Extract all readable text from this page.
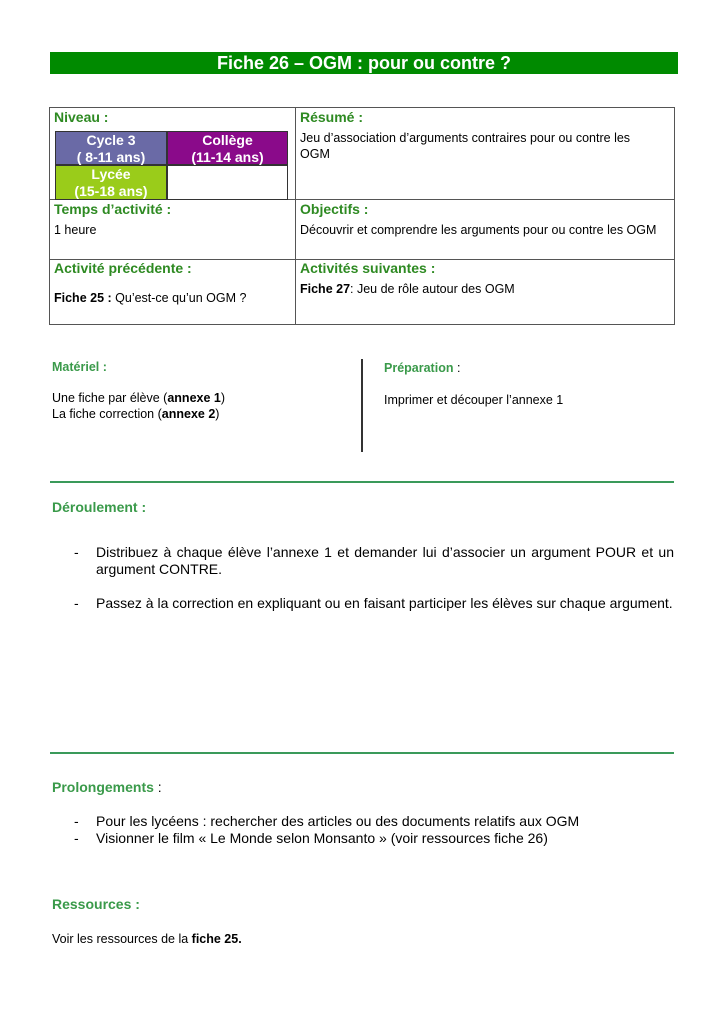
Fiche 26 – OGM : pour ou contre ?
Niveau :
Cycle 3
( 8-11 ans)
Collège
(11-14 ans)
Lycée
(15-18 ans)
Résumé :
Jeu d’association d’arguments contraires pour ou contre les OGM
Temps d’activité :
1 heure
Objectifs :
Découvrir et comprendre les arguments pour ou contre les OGM
Activité précédente :
Fiche 25 : Qu’est-ce qu’un OGM ?
Activités suivantes :
Fiche 27: Jeu de rôle autour des OGM
Matériel :
Une fiche par élève (annexe 1)
La fiche correction (annexe 2)
Préparation :
Imprimer et découper l’annexe 1
Déroulement :
- Distribuez à chaque élève l’annexe 1 et demander lui d’associer un argument POUR et un argument CONTRE.
- Passez à la correction en expliquant ou en faisant participer les élèves sur chaque argument.
Prolongements :
- Pour les lycéens : rechercher des articles ou des documents relatifs aux OGM
- Visionner le film « Le Monde selon Monsanto » (voir ressources fiche 26)
Ressources :
Voir les ressources de la fiche 25.
